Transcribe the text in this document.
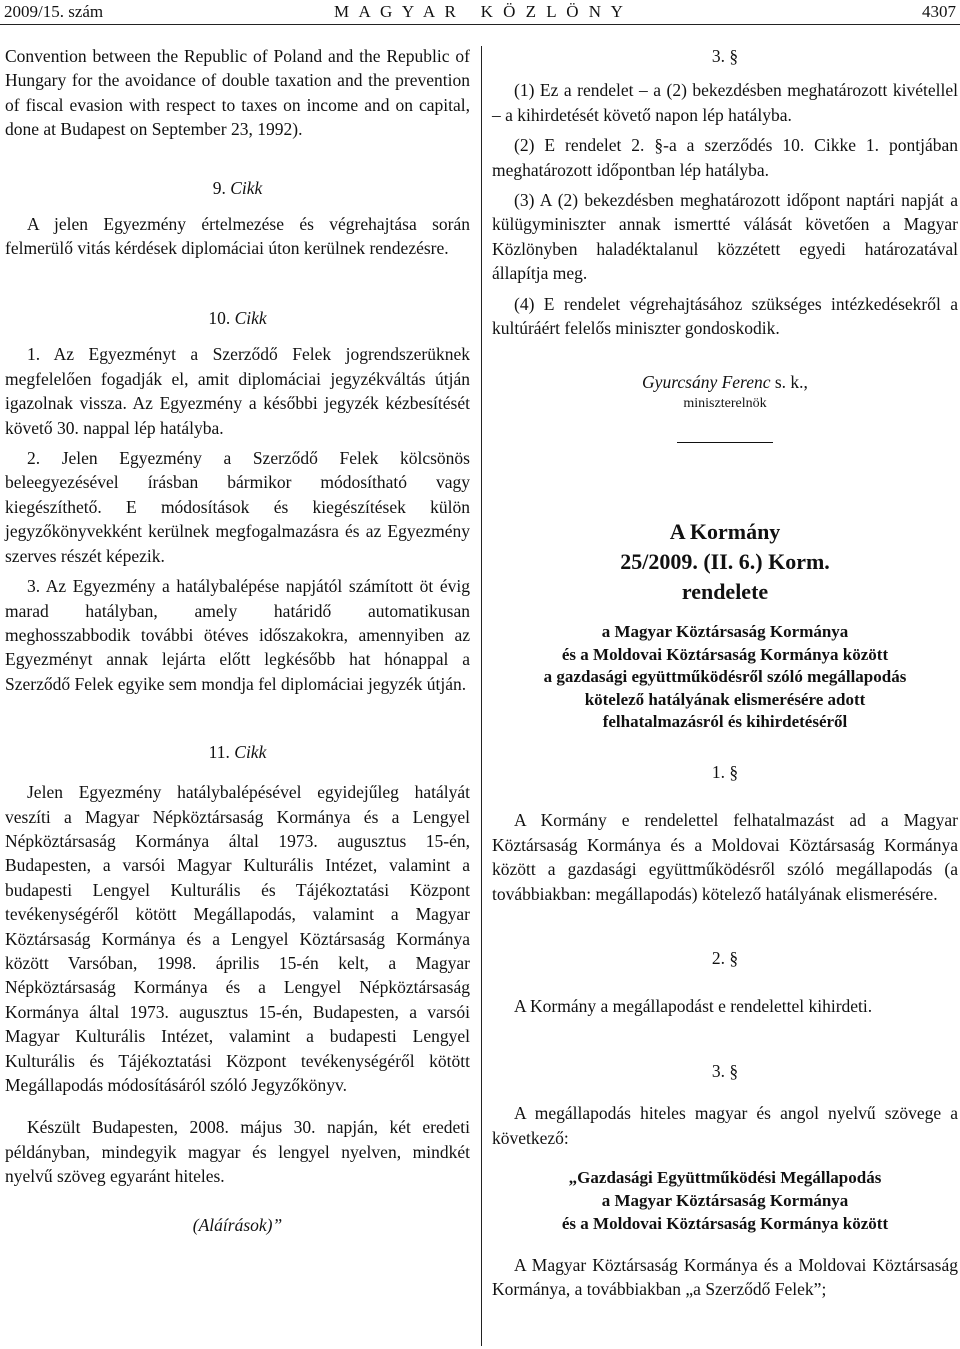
2009/15. szám	M A G Y A R   K Ö Z L Ö N Y	4307

Convention between the Republic of Poland and the Republic of Hungary for the avoidance of double taxation and the prevention of fiscal evasion with respect to taxes on income and on capital, done at Budapest on September 23, 1992).

9. Cikk

A jelen Egyezmény értelmezése és végrehajtása során felmerülő vitás kérdések diplomáciai úton kerülnek rendezésre.

10. Cikk

1. Az Egyezményt a Szerződő Felek jogrendszerüknek megfelelően fogadják el, amit diplomáciai jegyzékváltás útján igazolnak vissza. Az Egyezmény a későbbi jegyzék kézbesítését követő 30. nappal lép hatályba.

2. Jelen Egyezmény a Szerződő Felek kölcsönös beleegyezésével írásban bármikor módosítható vagy kiegészíthető. E módosítások és kiegészítések külön jegyzőkönyvekként kerülnek megfogalmazásra és az Egyezmény szerves részét képezik.

3. Az Egyezmény a hatálybalépése napjától számított öt évig marad hatályban, amely határidő automatikusan meghosszabbodik további ötéves időszakokra, amennyiben az Egyezményt annak lejárta előtt legkésőbb hat hónappal a Szerződő Felek egyike sem mondja fel diplomáciai jegyzék útján.

11. Cikk

Jelen Egyezmény hatálybalépésével egyidejűleg hatályát veszíti a Magyar Népköztársaság Kormánya és a Lengyel Népköztársaság Kormánya által 1973. augusztus 15-én, Budapesten, a varsói Magyar Kulturális Intézet, valamint a budapesti Lengyel Kulturális és Tájékoztatási Központ tevékenységéről kötött Megállapodás, valamint a Magyar Köztársaság Kormánya és a Lengyel Köztársaság Kormánya között Varsóban, 1998. április 15-én kelt, a Magyar Népköztársaság Kormánya és a Lengyel Népköztársaság Kormánya által 1973. augusztus 15-én, Budapesten, a varsói Magyar Kulturális Intézet, valamint a budapesti Lengyel Kulturális és Tájékoztatási Központ tevékenységéről kötött Megállapodás módosításáról szóló Jegyzőkönyv.

Készült Budapesten, 2008. május 30. napján, két eredeti példányban, mindegyik magyar és lengyel nyelven, mindkét nyelvű szöveg egyaránt hiteles.

(Aláírások)”

3. §

(1) Ez a rendelet – a (2) bekezdésben meghatározott kivétellel – a kihirdetését követő napon lép hatályba.

(2) E rendelet 2. §-a a szerződés 10. Cikke 1. pontjában meghatározott időpontban lép hatályba.

(3) A (2) bekezdésben meghatározott időpont naptári napját a külügyminiszter annak ismertté válását követően a Magyar Közlönyben haladéktalanul közzétett egyedi határozatával állapítja meg.

(4) E rendelet végrehajtásához szükséges intézkedésekről a kultúráért felelős miniszter gondoskodik.

Gyurcsány Ferenc s. k.,
miniszterelnök
A Kormány
25/2009. (II. 6.) Korm.
rendelete
a Magyar Köztársaság Kormánya
és a Moldovai Köztársaság Kormánya között
a gazdasági együttműködésről szóló megállapodás
kötelező hatályának elismerésére adott
felhatalmazásról és kihirdetéséről

1. §

A Kormány e rendelettel felhatalmazást ad a Magyar Köztársaság Kormánya és a Moldovai Köztársaság Kormánya között a gazdasági együttműködésről szóló megállapodás (a továbbiakban: megállapodás) kötelező hatályának elismerésére.

2. §

A Kormány a megállapodást e rendelettel kihirdeti.

3. §

A megállapodás hiteles magyar és angol nyelvű szövege a következő:

„Gazdasági Együttműködési Megállapodás
a Magyar Köztársaság Kormánya
és a Moldovai Köztársaság Kormánya között

A Magyar Köztársaság Kormánya és a Moldovai Köztársaság Kormánya, a továbbiakban „a Szerződő Felek”;
